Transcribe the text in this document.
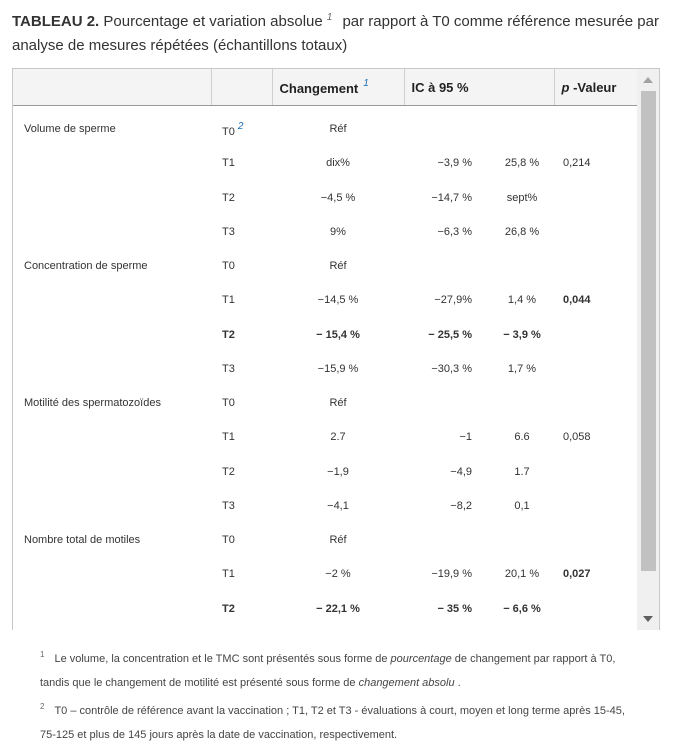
TABLEAU 2. Pourcentage et variation absolue $^1$ par rapport à T0 comme référence mesurée par analyse de mesures répétées (échantillons totaux)
		Changement $^1$	IC à 95 %		p -Valeur
Volume de sperme	T0 $^2$	Réf			
	T1	dix%	−3,9 %	25,8 %	0,214
	T2	−4,5 %	−14,7 %	sept%	
	T3	9%	−6,3 %	26,8 %	
Concentration de sperme	T0	Réf			
	T1	−14,5 %	−27,9%	1,4 %	0,044
	T2	− 15,4 %	− 25,5 %	− 3,9 %	
	T3	−15,9 %	−30,3 %	1,7 %	
Motilité des spermatozoïdes	T0	Réf			
	T1	2.7	−1	6.6	0,058
	T2	−1,9	−4,9	1.7	
	T3	−4,1	−8,2	0,1	
Nombre total de motiles	T0	Réf			
	T1	−2 %	−19,9 %	20,1 %	0,027
	T2	− 22,1 %	− 35 %	− 6,6 %	
$^1$ Le volume, la concentration et le TMC sont présentés sous forme de pourcentage de changement par rapport à T0, tandis que le changement de motilité est présenté sous forme de changement absolu .
$^2$ T0 – contrôle de référence avant la vaccination ; T1, T2 et T3 - évaluations à court, moyen et long terme après 15-45, 75-125 et plus de 145 jours après la date de vaccination, respectivement.
